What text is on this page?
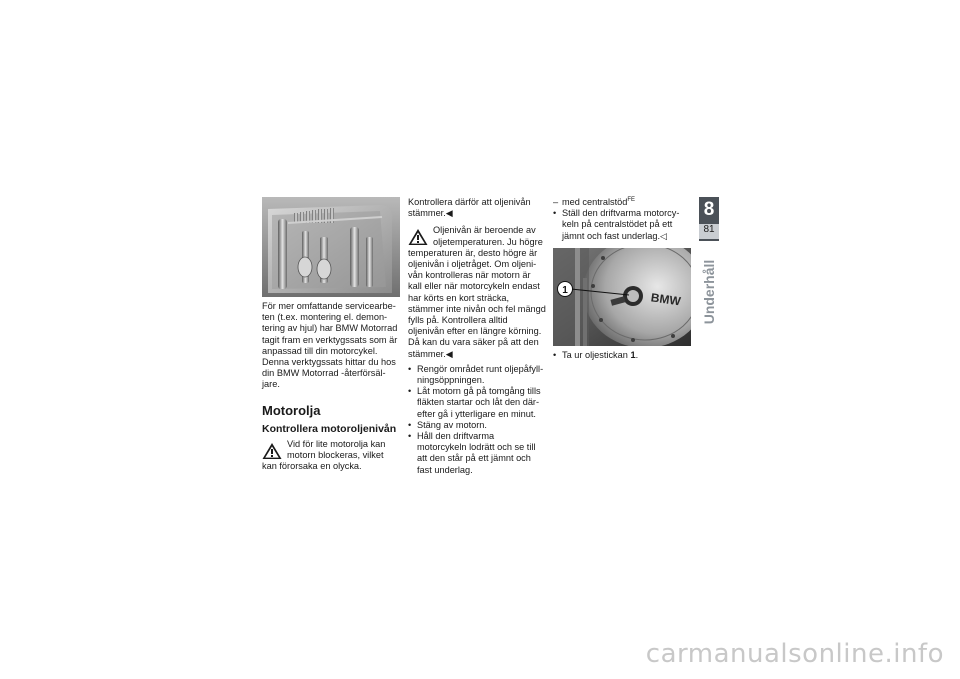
För mer omfattande servicearbe-ten (t.ex. montering el. demon-tering av hjul) har BMW Motorrad tagit fram en verktygssats som är anpassad till din motorcykel. Denna verktygssats hittar du hos din BMW Motorrad -återförsäl-jare.

Motorolja
Kontrollera motoroljenivån

Vid för lite motorolja kan motorn blockeras, vilket kan förorsaka en olycka.

Kontrollera därför att oljenivån stämmer.◀

Oljenivån är beroende av oljetemperaturen. Ju högre temperaturen är, desto högre är oljenivån i oljetråget. Om oljeni-vån kontrolleras när motorn är kall eller när motorcykeln endast har körts en kort sträcka, stämmer inte nivån och fel mängd fylls på. Kontrollera alltid oljenivån efter en längre körning. Då kan du vara säker på att den stämmer.◀

• Rengör området runt oljepåfyll-ningsöppningen.
• Låt motorn gå på tomgång tills fläkten startar och låt den där-efter gå i ytterligare en minut.
• Stäng av motorn.
• Håll den driftvarma motorcykeln lodrätt och se till att den står på ett jämnt och fast underlag.
– med centralstöd$^{FE}$
• Ställ den driftvarma motorcy-keln på centralstödet på ett jämnt och fast underlag.◁
BMW
1
• Ta ur oljestickan 1.
8
81
Underhåll
carmanualsonline.info
